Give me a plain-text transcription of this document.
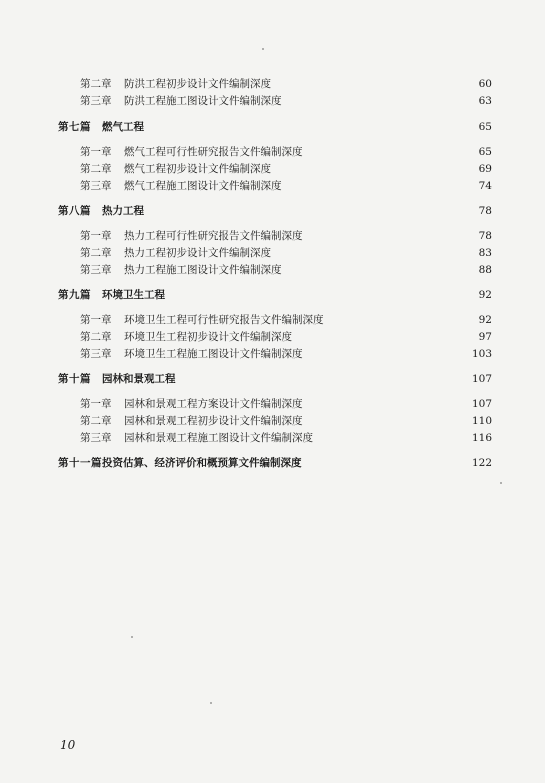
第二章	防洪工程初步设计文件编制深度	60
第三章	防洪工程施工图设计文件编制深度	63
第七篇	燃气工程	65
第一章	燃气工程可行性研究报告文件编制深度	65
第二章	燃气工程初步设计文件编制深度	69
第三章	燃气工程施工图设计文件编制深度	74
第八篇	热力工程	78
第一章	热力工程可行性研究报告文件编制深度	78
第二章	热力工程初步设计文件编制深度	83
第三章	热力工程施工图设计文件编制深度	88
第九篇	环境卫生工程	92
第一章	环境卫生工程可行性研究报告文件编制深度	92
第二章	环境卫生工程初步设计文件编制深度	97
第三章	环境卫生工程施工图设计文件编制深度	103
第十篇	园林和景观工程	107
第一章	园林和景观工程方案设计文件编制深度	107
第二章	园林和景观工程初步设计文件编制深度	110
第三章	园林和景观工程施工图设计文件编制深度	116
第十一篇 投资估算、经济评价和概预算文件编制深度	122
10
